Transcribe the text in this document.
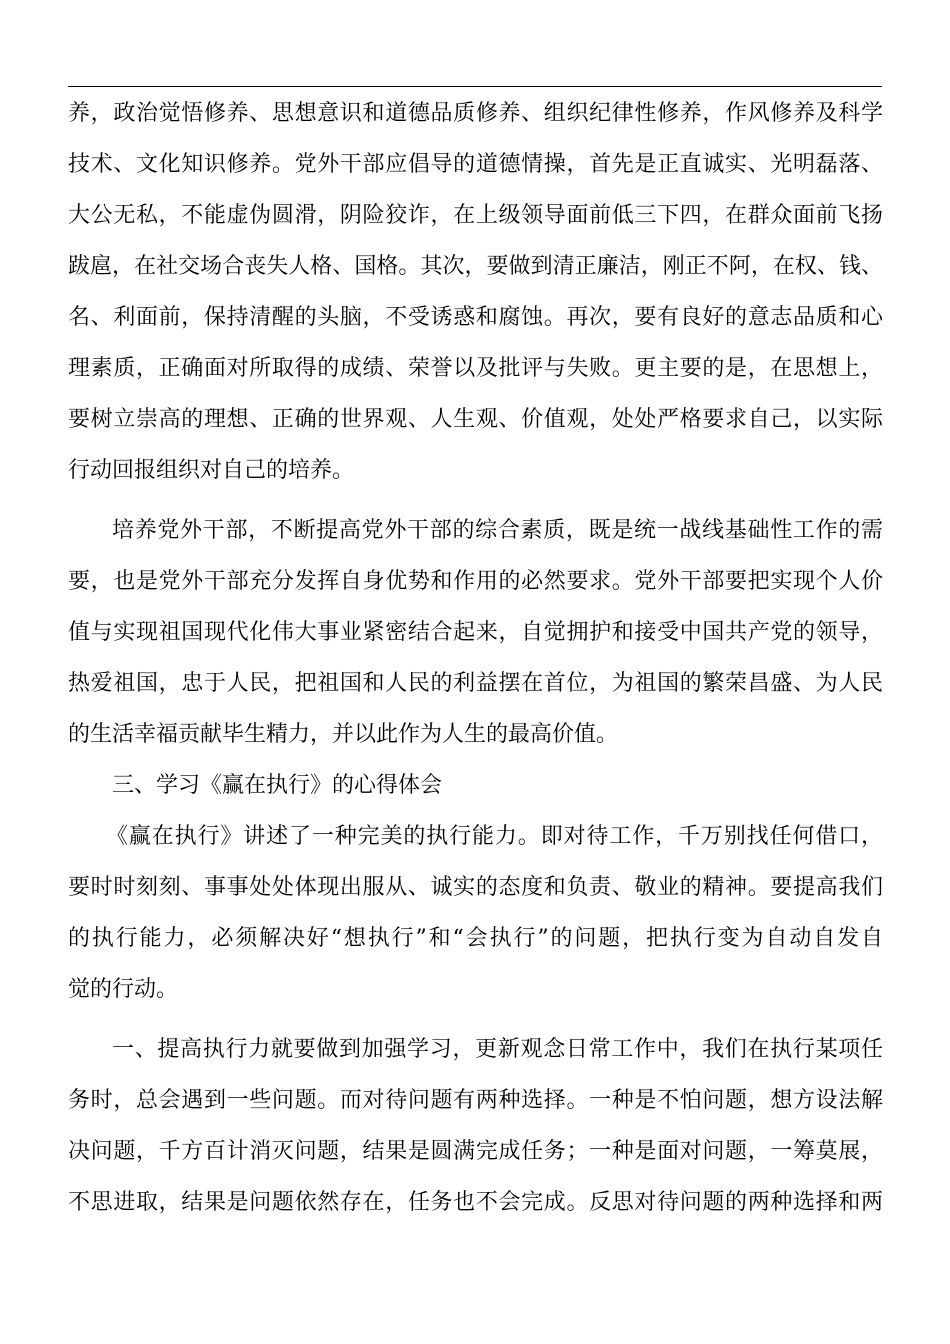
养，政治觉悟修养、思想意识和道德品质修养、组织纪律性修养，作风修养及科学
技术、文化知识修养。党外干部应倡导的道德情操，首先是正直诚实、光明磊落、
大公无私，不能虚伪圆滑，阴险狡诈，在上级领导面前低三下四，在群众面前飞扬
跋扈，在社交场合丧失人格、国格。其次，要做到清正廉洁，刚正不阿，在权、钱、
名、利面前，保持清醒的头脑，不受诱惑和腐蚀。再次，要有良好的意志品质和心
理素质，正确面对所取得的成绩、荣誉以及批评与失败。更主要的是，在思想上，
要树立崇高的理想、正确的世界观、人生观、价值观，处处严格要求自己，以实际
行动回报组织对自己的培养。
培养党外干部，不断提高党外干部的综合素质，既是统一战线基础性工作的需
要，也是党外干部充分发挥自身优势和作用的必然要求。党外干部要把实现个人价
值与实现祖国现代化伟大事业紧密结合起来，自觉拥护和接受中国共产党的领导，
热爱祖国，忠于人民，把祖国和人民的利益摆在首位，为祖国的繁荣昌盛、为人民
的生活幸福贡献毕生精力，并以此作为人生的最高价值。
三、学习《赢在执行》的心得体会
《赢在执行》讲述了一种完美的执行能力。即对待工作，千万别找任何借口，
要时时刻刻、事事处处体现出服从、诚实的态度和负责、敬业的精神。要提高我们
的执行能力，必须解决好“想执行”和“会执行”的问题，把执行变为自动自发自
觉的行动。
一、提高执行力就要做到加强学习，更新观念日常工作中，我们在执行某项任
务时，总会遇到一些问题。而对待问题有两种选择。一种是不怕问题，想方设法解
决问题，千方百计消灭问题，结果是圆满完成任务；一种是面对问题，一筹莫展，
不思进取，结果是问题依然存在，任务也不会完成。反思对待问题的两种选择和两
